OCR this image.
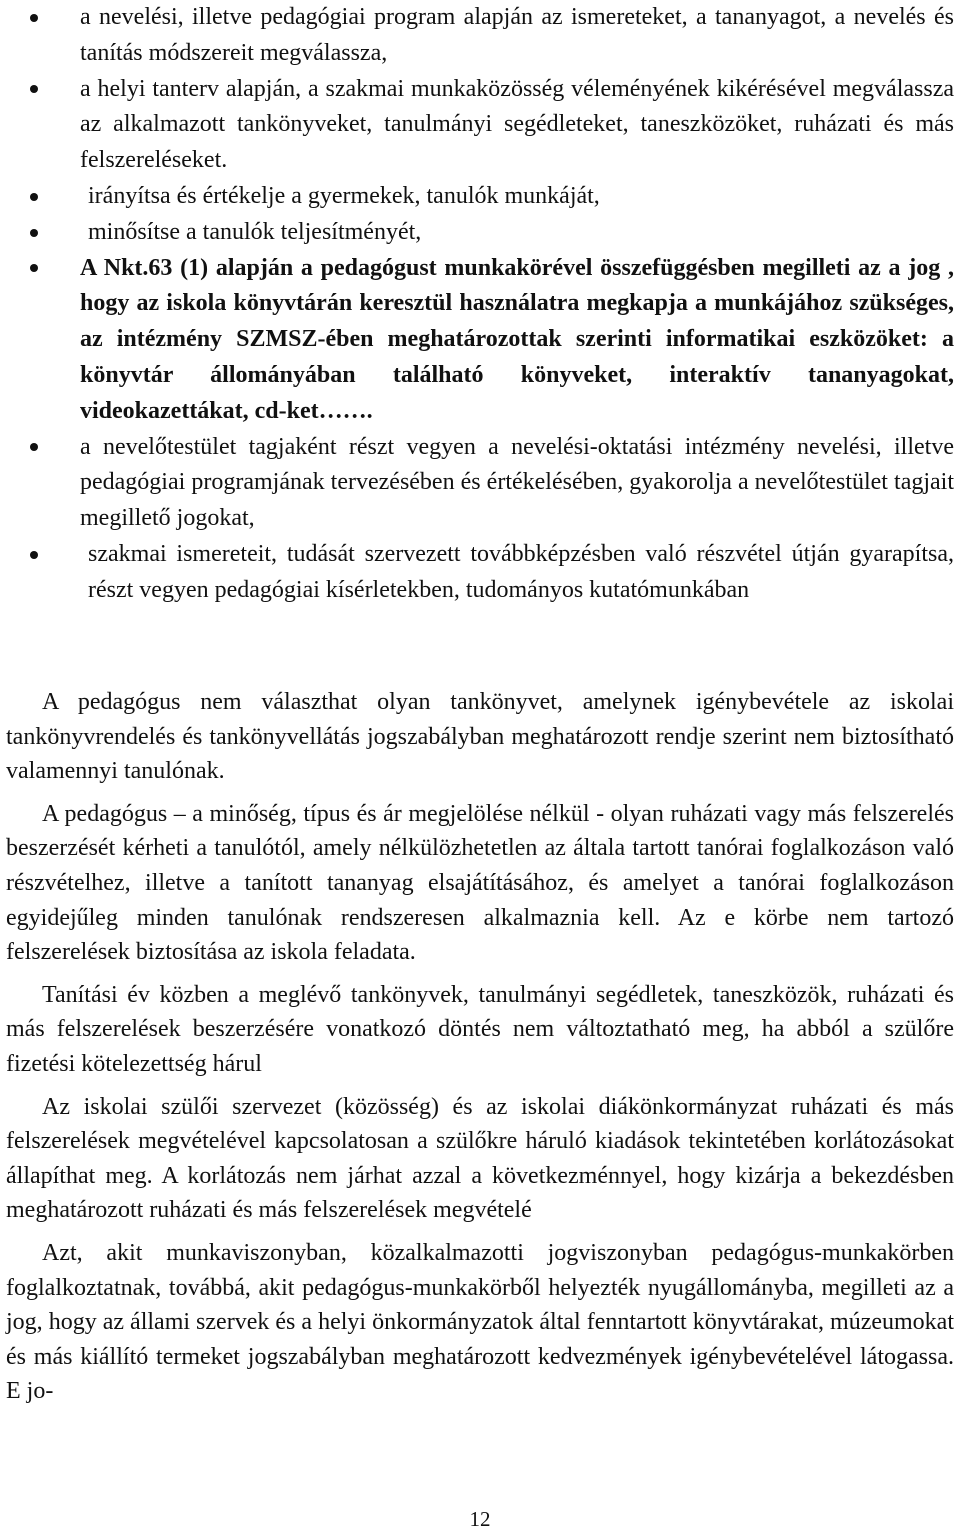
a nevelési, illetve pedagógiai program alapján az ismereteket, a tananyagot, a nevelés és tanítás módszereit megválassza,
a helyi tanterv alapján, a szakmai munkaközösség véleményének kikérésével megválassza az alkalmazott tankönyveket, tanulmányi segédleteket, taneszközöket, ruházati és más felszereléseket.
irányítsa és értékelje a gyermekek, tanulók munkáját,
minősítse a tanulók teljesítményét,
A Nkt.63 (1) alapján a pedagógust munkakörével összefüggésben megilleti az a jog , hogy az iskola könyvtárán keresztül használatra megkapja a munkájához szükséges, az intézmény SZMSZ-ében meghatározottak szerinti informatikai eszközöket: a könyvtár állományában található könyveket, interaktív tananyagokat, videokazettákat, cd-ket…….
a nevelőtestület tagjaként részt vegyen a nevelési-oktatási intézmény nevelési, illetve pedagógiai programjának tervezésében és értékelésében, gyakorolja a nevelőtestület tagjait megillető jogokat,
szakmai ismereteit, tudását szervezett továbbképzésben való részvétel útján gyarapítsa, részt vegyen pedagógiai kísérletekben, tudományos kutatómunkában

A pedagógus nem választhat olyan tankönyvet, amelynek igénybevétele az iskolai tankönyvrendelés és tankönyvellátás jogszabályban meghatározott rendje szerint nem biztosítható valamennyi tanulónak.

A pedagógus – a minőség, típus és ár megjelölése nélkül - olyan ruházati vagy más felszerelés beszerzését kérheti a tanulótól, amely nélkülözhetetlen az általa tartott tanórai foglalkozáson való részvételhez, illetve a tanított tananyag elsajátításához, és amelyet a tanórai foglalkozáson egyidejűleg minden tanulónak rendszeresen alkalmaznia kell. Az e körbe nem tartozó felszerelések biztosítása az iskola feladata.

Tanítási év közben a meglévő tankönyvek, tanulmányi segédletek, taneszközök, ruházati és más felszerelések beszerzésére vonatkozó döntés nem változtatható meg, ha abból a szülőre fizetési kötelezettség hárul

Az iskolai szülői szervezet (közösség) és az iskolai diákönkormányzat ruházati és más felszerelések megvételével kapcsolatosan a szülőkre háruló kiadások tekintetében korlátozásokat állapíthat meg. A korlátozás nem járhat azzal a következménnyel, hogy kizárja a bekezdésben meghatározott ruházati és más felszerelések megvételé

Azt, akit munkaviszonyban, közalkalmazotti jogviszonyban pedagógus-munkakörben foglalkoztatnak, továbbá, akit pedagógus-munkakörből helyezték nyugállományba, megilleti az a jog, hogy az állami szervek és a helyi önkormányzatok által fenntartott könyvtárakat, múzeumokat és más kiállító termeket jogszabályban meghatározott kedvezmények igénybevételével látogassa. E jo-

12
